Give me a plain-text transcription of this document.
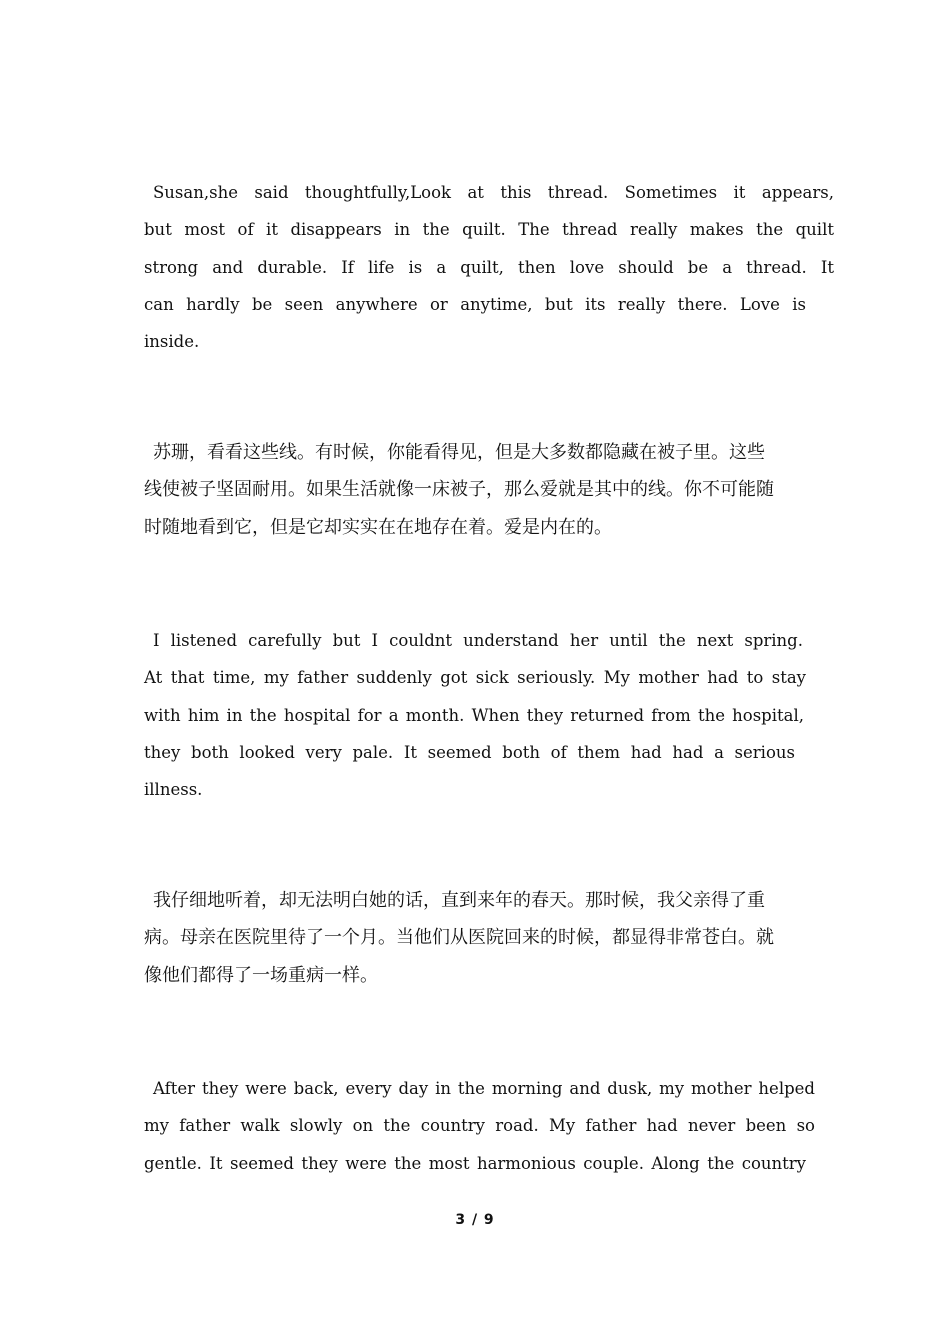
Susan,she said thoughtfully,Look at this thread. Sometimes it appears,
but most of it disappears in the quilt. The thread really makes the quilt
strong and durable. If life is a quilt, then love should be a thread. It
can hardly be seen anywhere or anytime, but its really there. Love is
inside.

苏珊，看看这些线。有时候，你能看得见，但是大多数都隐藏在被子里。这些
线使被子坚固耐用。如果生活就像一床被子，那么爱就是其中的线。你不可能随
时随地看到它，但是它却实实在在地存在着。爱是内在的。

I listened carefully but I couldnt understand her until the next spring.
At that time, my father suddenly got sick seriously. My mother had to stay
with him in the hospital for a month. When they returned from the hospital,
they both looked very pale. It seemed both of them had had a serious
illness.

我仔细地听着，却无法明白她的话，直到来年的春天。那时候，我父亲得了重
病。母亲在医院里待了一个月。当他们从医院回来的时候，都显得非常苍白。就
像他们都得了一场重病一样。

After they were back, every day in the morning and dusk, my mother helped
my father walk slowly on the country road. My father had never been so
gentle. It seemed they were the most harmonious couple. Along the country

3 / 9
